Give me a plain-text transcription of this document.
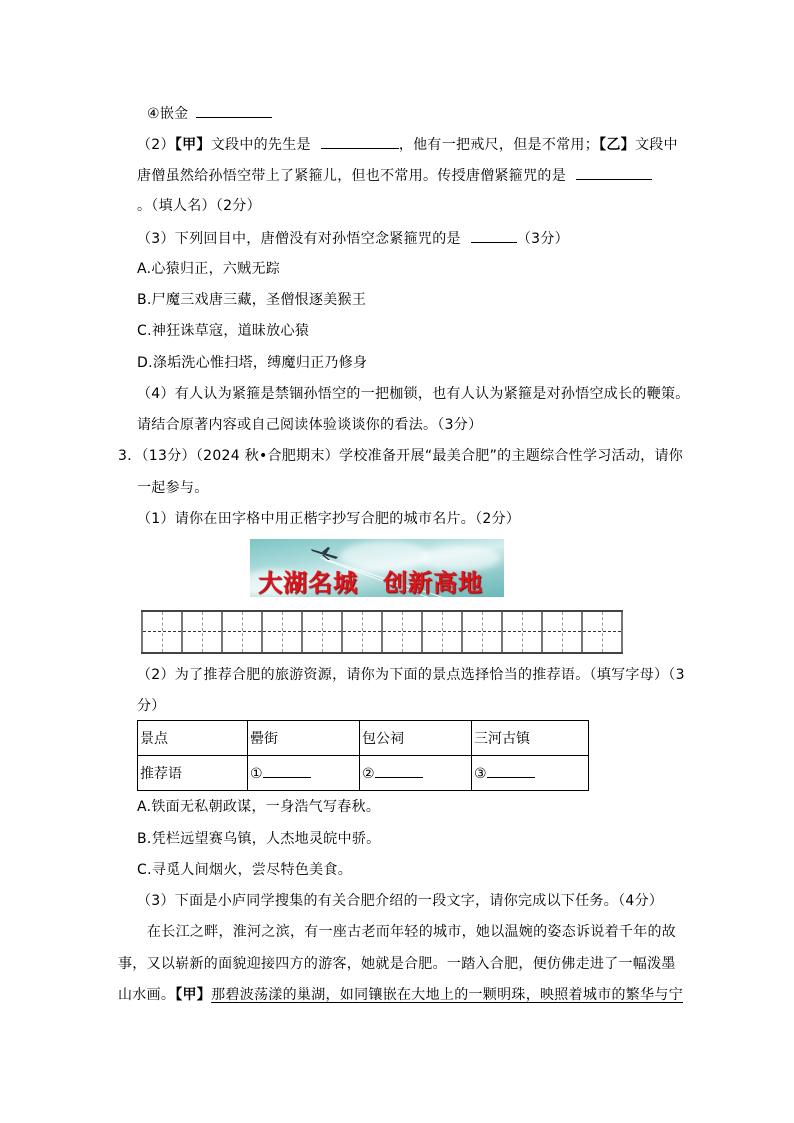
④嵌金
（2）【甲】文段中的先生是	，他有一把戒尺，但是不常用；【乙】文段中
唐僧虽然给孙悟空带上了紧箍儿，但也不常用。传授唐僧紧箍咒的是
。（填人名）（2分）
（3）下列回目中，唐僧没有对孙悟空念紧箍咒的是	（3分）
A.心猿归正，六贼无踪
B.尸魔三戏唐三藏，圣僧恨逐美猴王
C.神狂诛草寇，道昧放心猿
D.涤垢洗心惟扫塔，缚魔归正乃修身
（4）有人认为紧箍是禁锢孙悟空的一把枷锁，也有人认为紧箍是对孙悟空成长的鞭策。
请结合原著内容或自己阅读体验谈谈你的看法。（3分）
3．（13分）（2024 秋•合肥期末）学校准备开展“最美合肥”的主题综合性学习活动，请你
一起参与。
（1）请你在田字格中用正楷字抄写合肥的城市名片。（2分）
大湖名城　创新高地
（2）为了推荐合肥的旅游资源，请你为下面的景点选择恰当的推荐语。（填写字母）（3
分）
景点	罍街	包公祠	三河古镇
推荐语	①	②	③
A.铁面无私朝政谋，一身浩气写春秋。
B.凭栏远望赛乌镇，人杰地灵皖中骄。
C.寻觅人间烟火，尝尽特色美食。
（3）下面是小庐同学搜集的有关合肥介绍的一段文字，请你完成以下任务。（4分）
在长江之畔，淮河之滨，有一座古老而年轻的城市，她以温婉的姿态诉说着千年的故
事，又以崭新的面貌迎接四方的游客，她就是合肥。一踏入合肥，便仿佛走进了一幅泼墨
山水画。【甲】那碧波荡漾的巢湖，如同镶嵌在大地上的一颗明珠，映照着城市的繁华与宁
